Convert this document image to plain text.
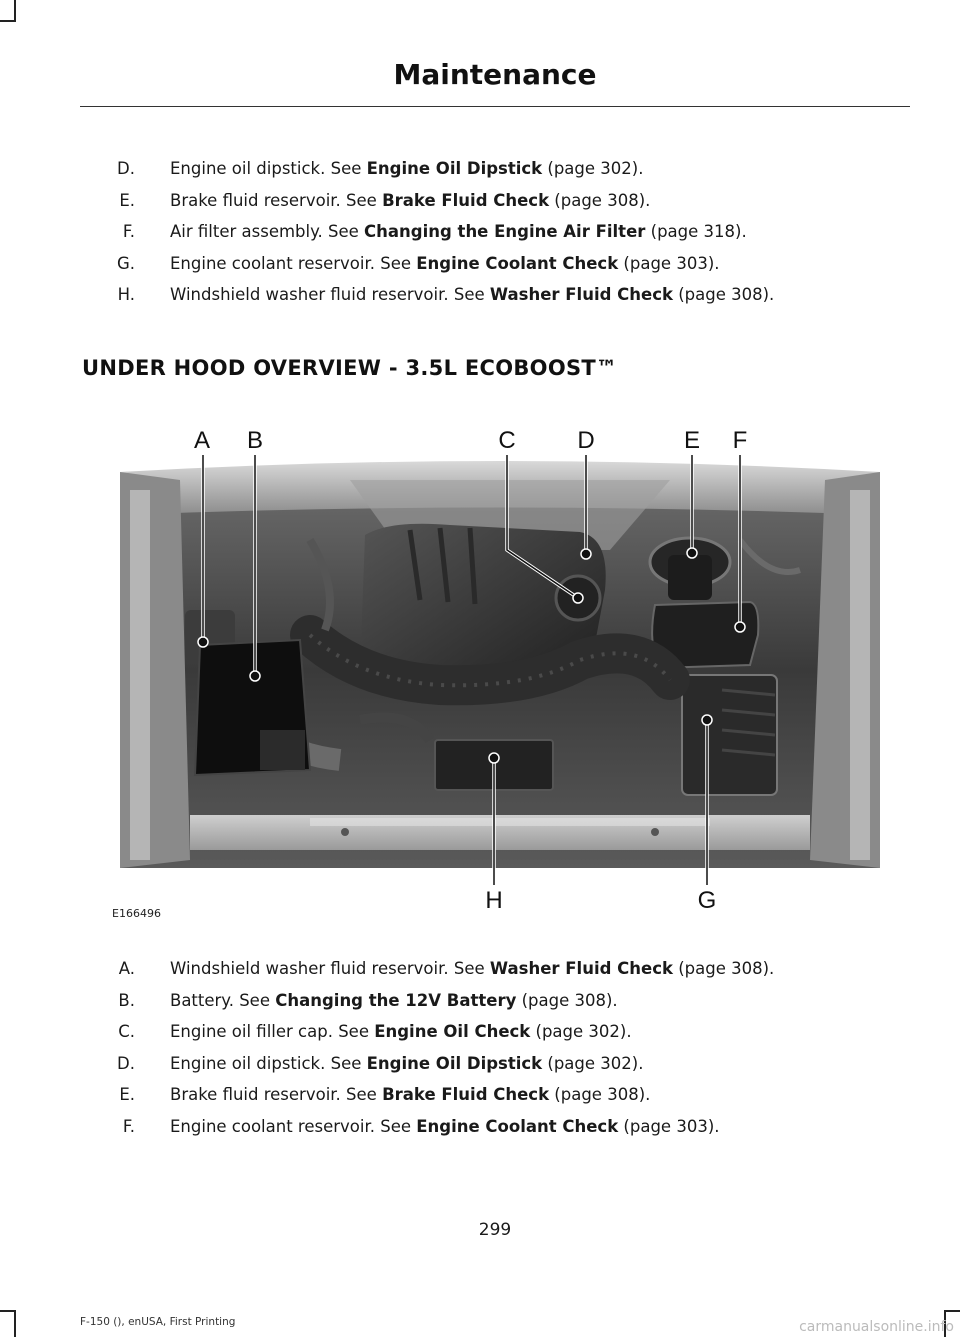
Maintenance
D. Engine oil dipstick. See Engine Oil Dipstick (page 302).
E. Brake fluid reservoir. See Brake Fluid Check (page 308).
F. Air filter assembly. See Changing the Engine Air Filter (page 318).
G. Engine coolant reservoir. See Engine Coolant Check (page 303).
H. Windshield washer fluid reservoir. See Washer Fluid Check (page 308).
UNDER HOOD OVERVIEW - 3.5L ECOBOOST™
A B	C	D	E F
G
H
E166496
A. Windshield washer fluid reservoir. See Washer Fluid Check (page 308).
B. Battery. See Changing the 12V Battery (page 308).
C. Engine oil filler cap. See Engine Oil Check (page 302).
D. Engine oil dipstick. See Engine Oil Dipstick (page 302).
E. Brake fluid reservoir. See Brake Fluid Check (page 308).
F. Engine coolant reservoir. See Engine Coolant Check (page 303).
299
F-150 (), enUSA, First Printing	carmanualsonline.info
